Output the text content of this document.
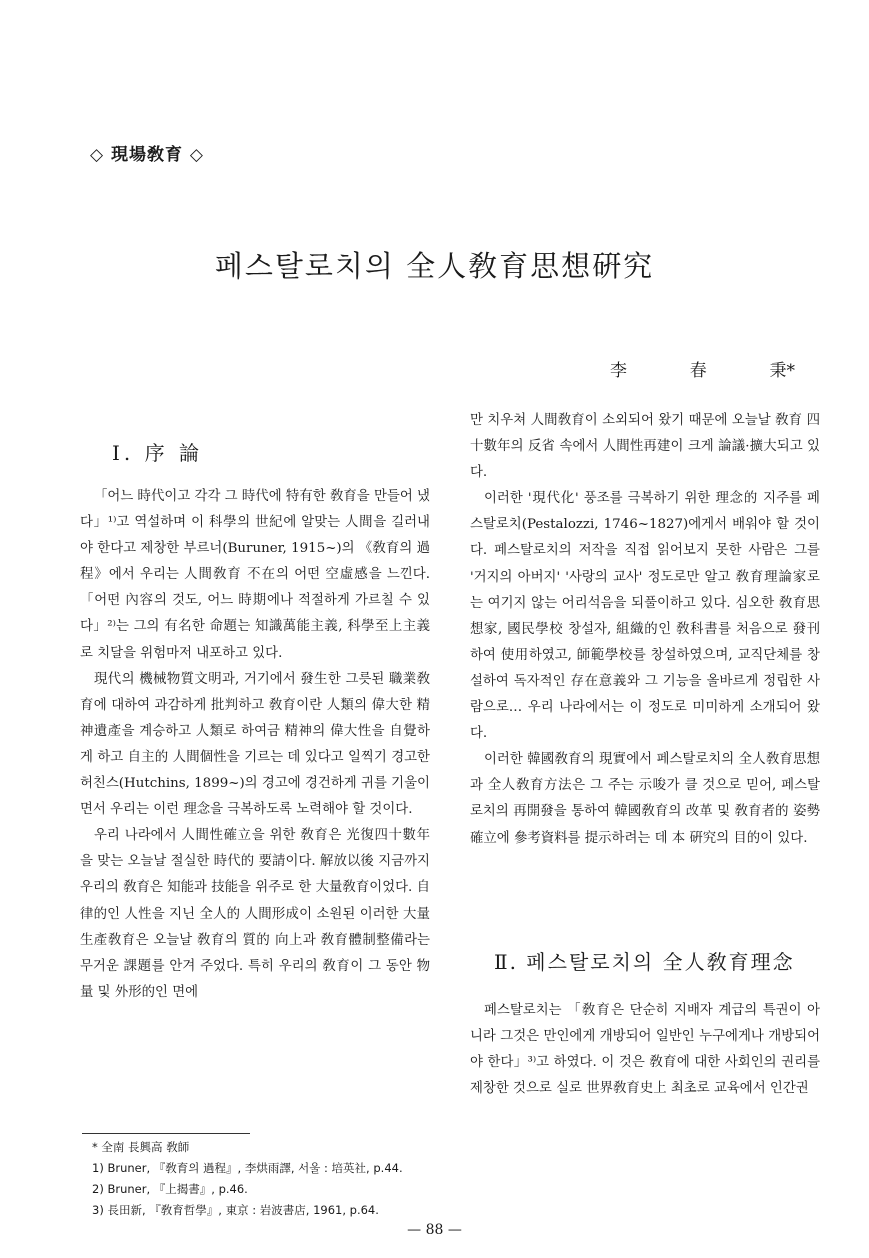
◇ 現場敎育 ◇
페스탈로치의 全人敎育思想硏究
李	春	秉*
Ⅰ. 序 論

「어느 時代이고 각각 그 時代에 特有한 敎育을 만들어 냈다」¹⁾고 역설하며 이 科學의 世紀에 알맞는 人間을 길러내야 한다고 제창한 부르너(Buruner, 1915~)의 《敎育의 過程》에서 우리는 人間敎育 不在의 어떤 空虛感을 느낀다. 「어떤 內容의 것도, 어느 時期에나 적절하게 가르칠 수 있다」²⁾는 그의 有名한 命題는 知識萬能主義, 科學至上主義로 치달을 위험마저 내포하고 있다.

現代의 機械物質文明과, 거기에서 發生한 그릇된 職業敎育에 대하여 과감하게 批判하고 敎育이란 人類의 偉大한 精神遺產을 계승하고 人類로 하여금 精神의 偉大性을 自覺하게 하고 自主的 人間個性을 기르는 데 있다고 일찍기 경고한 허친스(Hutchins, 1899~)의 경고에 경건하게 귀를 기울이면서 우리는 이런 理念을 극복하도록 노력해야 할 것이다.

우리 나라에서 人間性確立을 위한 敎育은 光復四十數年을 맞는 오늘날 절실한 時代的 要請이다. 解放以後 지금까지 우리의 敎育은 知能과 技能을 위주로 한 大量敎育이었다. 自律的인 人性을 지닌 全人的 人間形成이 소원된 이러한 大量生產敎育은 오늘날 敎育의 質的 向上과 敎育體制整備라는 무거운 課題를 안겨 주었다. 특히 우리의 敎育이 그 동안 物量 및 外形的인 면에

만 치우쳐 人間敎育이 소외되어 왔기 때문에 오늘날 敎育 四十數年의 反省 속에서 人間性再建이 크게 論議·擴大되고 있다.

이러한 '現代化' 풍조를 극복하기 위한 理念的 지주를 페스탈로치(Pestalozzi, 1746~1827)에게서 배워야 할 것이다. 페스탈로치의 저작을 직접 읽어보지 못한 사람은 그를 '거지의 아버지' '사랑의 교사' 정도로만 알고 敎育理論家로는 여기지 않는 어리석음을 되풀이하고 있다. 심오한 敎育思想家, 國民學校 창설자, 組織的인 敎科書를 처음으로 發刊하여 使用하였고, 師範學校를 창설하였으며, 교직단체를 창설하여 독자적인 存在意義와 그 기능을 올바르게 정립한 사람으로… 우리 나라에서는 이 정도로 미미하게 소개되어 왔다.

이러한 韓國敎育의 現實에서 페스탈로치의 全人敎育思想과 全人敎育方法은 그 주는 示唆가 클 것으로 믿어, 페스탈로치의 再開發을 통하여 韓國敎育의 改革 및 敎育者的 姿勢確立에 參考資料를 提示하려는 데 本 硏究의 目的이 있다.

Ⅱ. 페스탈로치의 全人敎育理念

페스탈로치는 「敎育은 단순히 지배자 계급의 특권이 아니라 그것은 만인에게 개방되어 일반인 누구에게나 개방되어야 한다」³⁾고 하였다. 이 것은 敎育에 대한 사회인의 권리를 제창한 것으로 실로 世界敎育史上 최초로 교육에서 인간권

* 全南 長興高 敎師
1) Bruner, 『敎育의 過程』, 李烘雨譯, 서울 : 培英社, p.44.
2) Bruner, 『上揭書』, p.46.
3) 長田新, 『敎育哲學』, 東京 : 岩波書店, 1961, p.64.
— 88 —
